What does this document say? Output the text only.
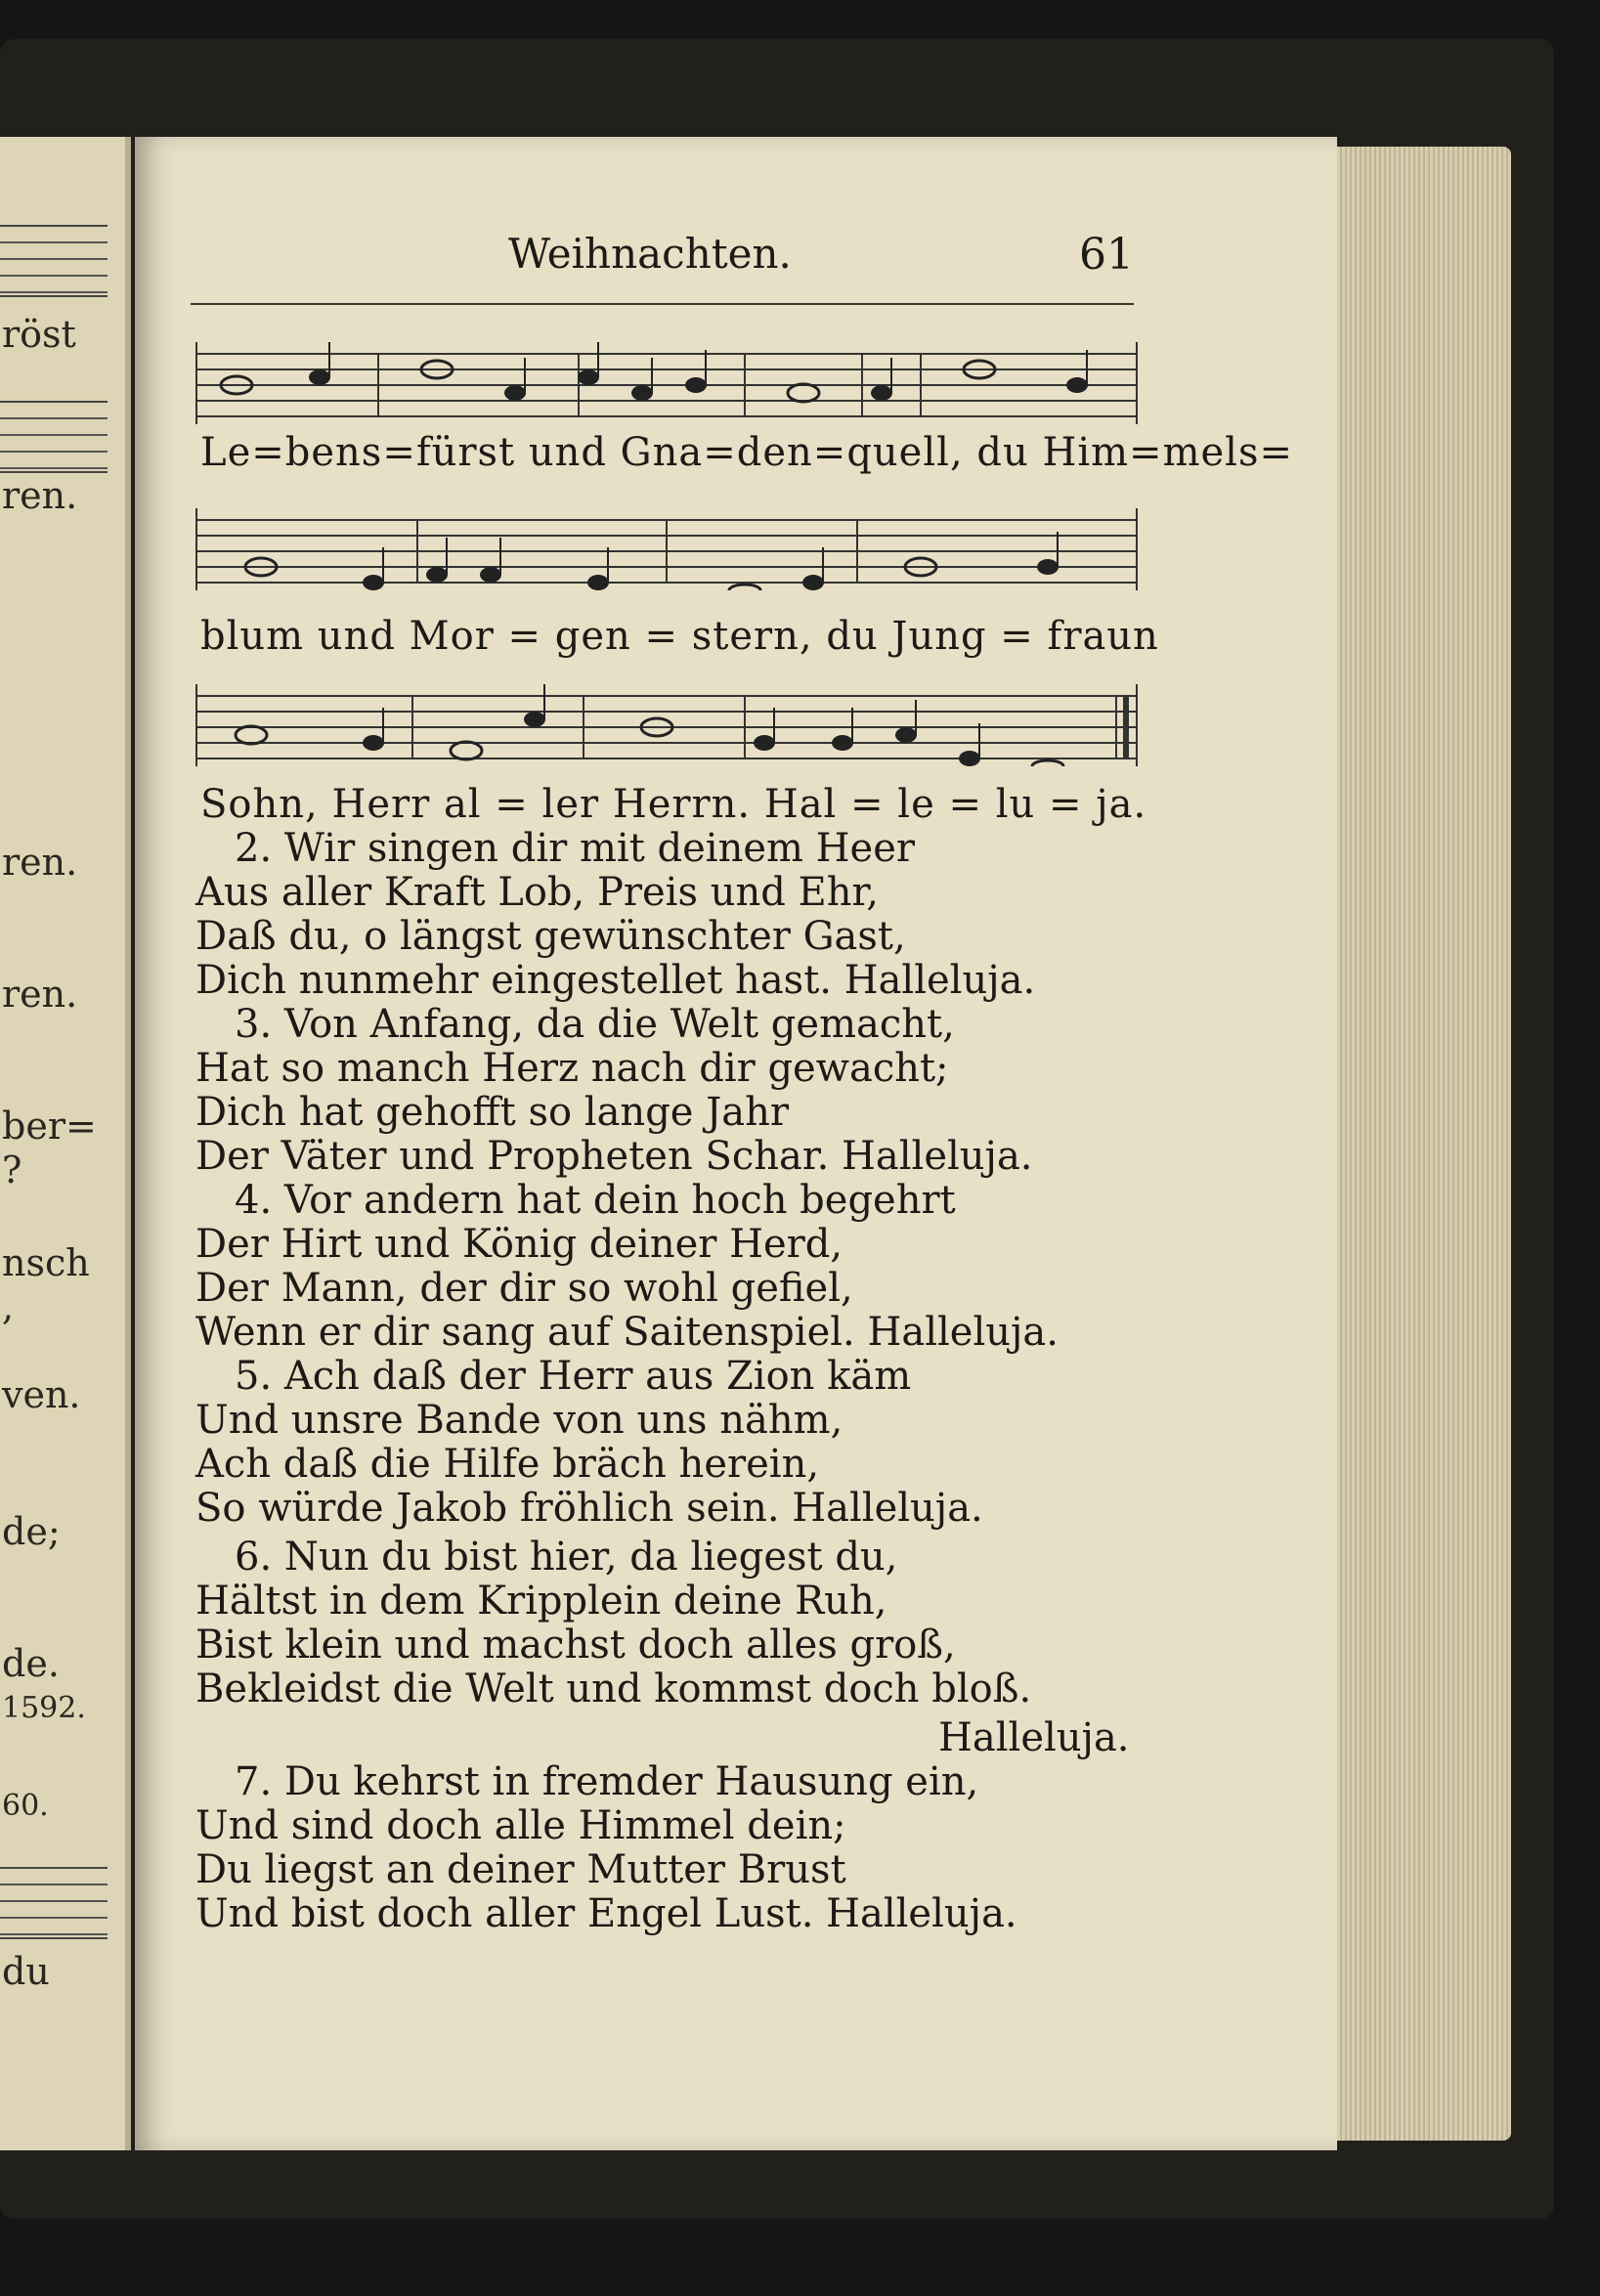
röst
ren.
ren.
ren.
ber=
?
nsch
,
ven.
de;
de.
1592.
60.
du
Weihnachten.	61
Le=bens=fürst und Gna=den=quell, du Him=mels=
blum und Mor = gen = stern, du Jung = fraun
Sohn, Herr al = ler Herrn. Hal = le = lu = ja.
2. Wir singen dir mit deinem Heer
Aus aller Kraft Lob, Preis und Ehr,
Daß du, o längst gewünschter Gast,
Dich nunmehr eingestellet hast. Halleluja.
3. Von Anfang, da die Welt gemacht,
Hat so manch Herz nach dir gewacht;
Dich hat gehofft so lange Jahr
Der Väter und Propheten Schar. Halleluja.
4. Vor andern hat dein hoch begehrt
Der Hirt und König deiner Herd,
Der Mann, der dir so wohl gefiel,
Wenn er dir sang auf Saitenspiel. Halleluja.
5. Ach daß der Herr aus Zion käm
Und unsre Bande von uns nähm,
Ach daß die Hilfe bräch herein,
So würde Jakob fröhlich sein. Halleluja.
6. Nun du bist hier, da liegest du,
Hältst in dem Kripplein deine Ruh,
Bist klein und machst doch alles groß,
Bekleidst die Welt und kommst doch bloß.
Halleluja.
7. Du kehrst in fremder Hausung ein,
Und sind doch alle Himmel dein;
Du liegst an deiner Mutter Brust
Und bist doch aller Engel Lust. Halleluja.
